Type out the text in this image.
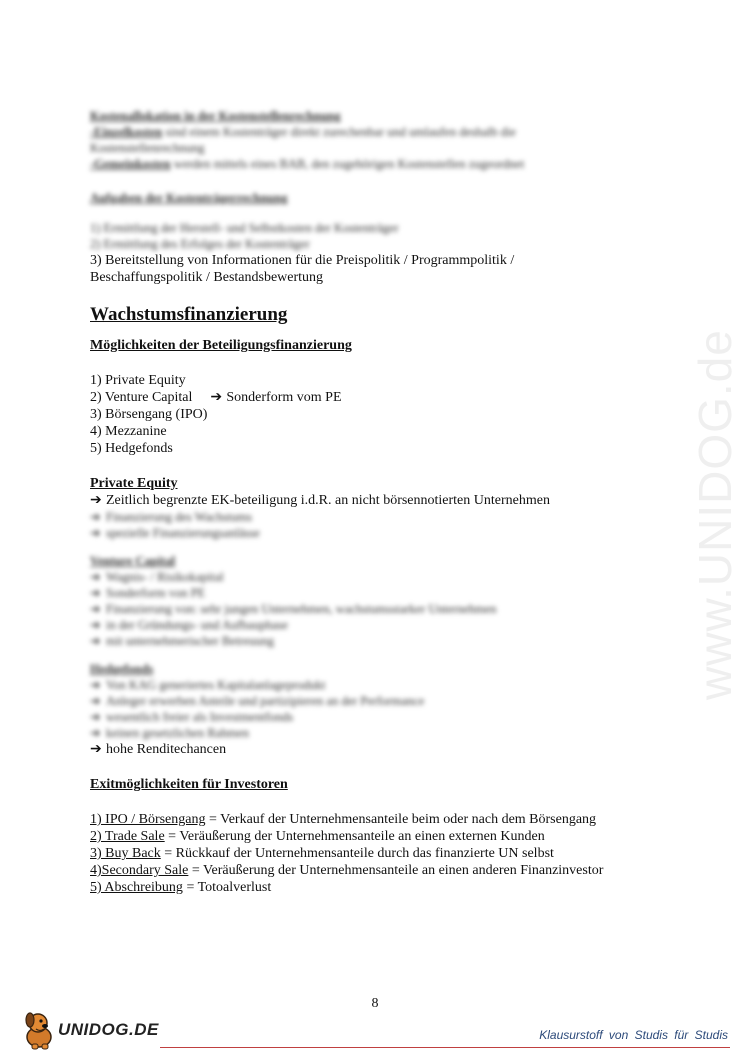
www.UNIDOG.de
Kostenallokation in der Kostenstellenrechnung
-Einzelkosten sind einem Kostenträger direkt zurechenbar und umlaufen deshalb die
Kostenstellenrechnung
-Gemeinkosten werden mittels eines BAB, den zugehörigen Kostenstellen zugeordnet
Aufgaben der Kostenträgerrechnung
1) Ermittlung der Herstell- und Selbstkosten der Kostenträger
2) Ermittlung des Erfolges der Kostenträger
3) Bereitstellung von Informationen für die Preispolitik / Programmpolitik /
Beschaffungspolitik / Bestandsbewertung
Wachstumsfinanzierung
Möglichkeiten der Beteiligungsfinanzierung
1) Private Equity
2) Venture Capital ➔ Sonderform vom PE
3) Börsengang (IPO)
4) Mezzanine
5) Hedgefonds
Private Equity
➔ Zeitlich begrenzte EK-beteiligung i.d.R. an nicht börsennotierten Unternehmen
➔ Finanzierung des Wachstums
➔ spezielle Finanzierungsanlässe
Venture Capital
➔ Wagnis- / Risikokapital
➔ Sonderform von PE
➔ Finanzierung von: sehr jungen Unternehmen, wachstumsstarker Unternehmen
➔ in der Gründungs- und Aufbauphase
➔ mit unternehmerischer Betreuung
Hedgefonds
➔ Von KAG generiertes Kapitalanlageprodukt
➔ Anleger erwerben Anteile und partizipieren an der Performance
➔ wesentlich freier als Investmentfonds
➔ keinen gesetzlichen Rahmen
➔ hohe Renditechancen
Exitmöglichkeiten für Investoren
1) IPO / Börsengang = Verkauf der Unternehmensanteile beim oder nach dem Börsengang
2) Trade Sale = Veräußerung der Unternehmensanteile an einen externen Kunden
3) Buy Back = Rückkauf der Unternehmensanteile durch das finanzierte UN selbst
4)Secondary Sale = Veräußerung der Unternehmensanteile an einen anderen Finanzinvestor
5) Abschreibung = Totoalverlust
8
UNIDOG.DE	Klausurstoff von Studis für Studis
